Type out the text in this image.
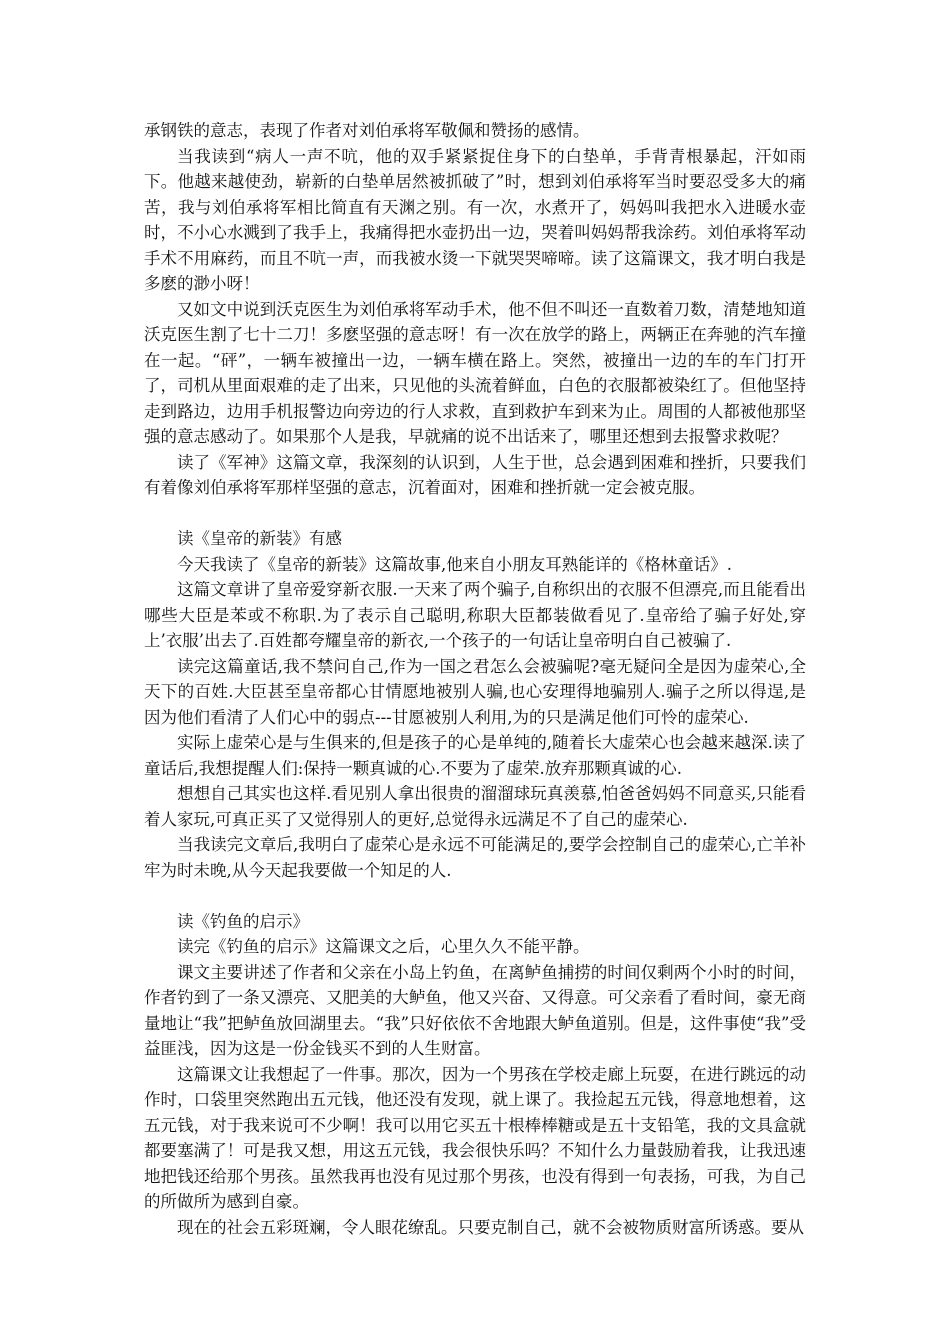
承钢铁的意志，表现了作者对刘伯承将军敬佩和赞扬的感情。

当我读到“病人一声不吭，他的双手紧紧捉住身下的白垫单，手背青根暴起，汗如雨下。他越来越使劲，崭新的白垫单居然被抓破了”时，想到刘伯承将军当时要忍受多大的痛苦，我与刘伯承将军相比简直有天渊之别。有一次，水煮开了，妈妈叫我把水入进暖水壶时，不小心水溅到了我手上，我痛得把水壶扔出一边，哭着叫妈妈帮我涂药。刘伯承将军动手术不用麻药，而且不吭一声，而我被水烫一下就哭哭啼啼。读了这篇课文，我才明白我是多麽的渺小呀！

又如文中说到沃克医生为刘伯承将军动手术，他不但不叫还一直数着刀数，清楚地知道沃克医生割了七十二刀！多麽坚强的意志呀！有一次在放学的路上，两辆正在奔驰的汽车撞在一起。“砰”，一辆车被撞出一边，一辆车横在路上。突然，被撞出一边的车的车门打开了，司机从里面艰难的走了出来，只见他的头流着鲜血，白色的衣服都被染红了。但他坚持走到路边，边用手机报警边向旁边的行人求救，直到救护车到来为止。周围的人都被他那坚强的意志感动了。如果那个人是我，早就痛的说不出话来了，哪里还想到去报警求救呢？

读了《军神》这篇文章，我深刻的认识到，人生于世，总会遇到困难和挫折，只要我们有着像刘伯承将军那样坚强的意志，沉着面对，困难和挫折就一定会被克服。

读《皇帝的新装》有感

今天我读了《皇帝的新装》这篇故事,他来自小朋友耳熟能详的《格林童话》.

这篇文章讲了皇帝爱穿新衣服.一天来了两个骗子,自称织出的衣服不但漂亮,而且能看出哪些大臣是苯或不称职.为了表示自己聪明,称职大臣都装做看见了.皇帝给了骗子好处,穿上’衣服’出去了.百姓都夸耀皇帝的新衣,一个孩子的一句话让皇帝明白自己被骗了.

读完这篇童话,我不禁问自己,作为一国之君怎么会被骗呢?毫无疑问全是因为虚荣心,全天下的百姓.大臣甚至皇帝都心甘情愿地被别人骗,也心安理得地骗别人.骗子之所以得逞,是因为他们看清了人们心中的弱点---甘愿被别人利用,为的只是满足他们可怜的虚荣心.

实际上虚荣心是与生俱来的,但是孩子的心是单纯的,随着长大虚荣心也会越来越深.读了童话后,我想提醒人们:保持一颗真诚的心.不要为了虚荣.放弃那颗真诚的心.

想想自己其实也这样.看见别人拿出很贵的溜溜球玩真羡慕,怕爸爸妈妈不同意买,只能看着人家玩,可真正买了又觉得别人的更好,总觉得永远满足不了自己的虚荣心.

当我读完文章后,我明白了虚荣心是永远不可能满足的,要学会控制自己的虚荣心,亡羊补牢为时未晚,从今天起我要做一个知足的人.

读《钓鱼的启示》

读完《钓鱼的启示》这篇课文之后，心里久久不能平静。

课文主要讲述了作者和父亲在小岛上钓鱼，在离鲈鱼捕捞的时间仅剩两个小时的时间，作者钓到了一条又漂亮、又肥美的大鲈鱼，他又兴奋、又得意。可父亲看了看时间，豪无商量地让“我”把鲈鱼放回湖里去。“我”只好依依不舍地跟大鲈鱼道别。但是，这件事使“我”受益匪浅，因为这是一份金钱买不到的人生财富。

这篇课文让我想起了一件事。那次，因为一个男孩在学校走廊上玩耍，在进行跳远的动作时，口袋里突然跑出五元钱，他还没有发现，就上课了。我捡起五元钱，得意地想着，这五元钱，对于我来说可不少啊！我可以用它买五十根棒棒糖或是五十支铅笔，我的文具盒就都要塞满了！可是我又想，用这五元钱，我会很快乐吗？不知什么力量鼓励着我，让我迅速地把钱还给那个男孩。虽然我再也没有见过那个男孩，也没有得到一句表扬，可我，为自己的所做所为感到自豪。

现在的社会五彩斑斓，令人眼花缭乱。只要克制自己，就不会被物质财富所诱惑。要从
